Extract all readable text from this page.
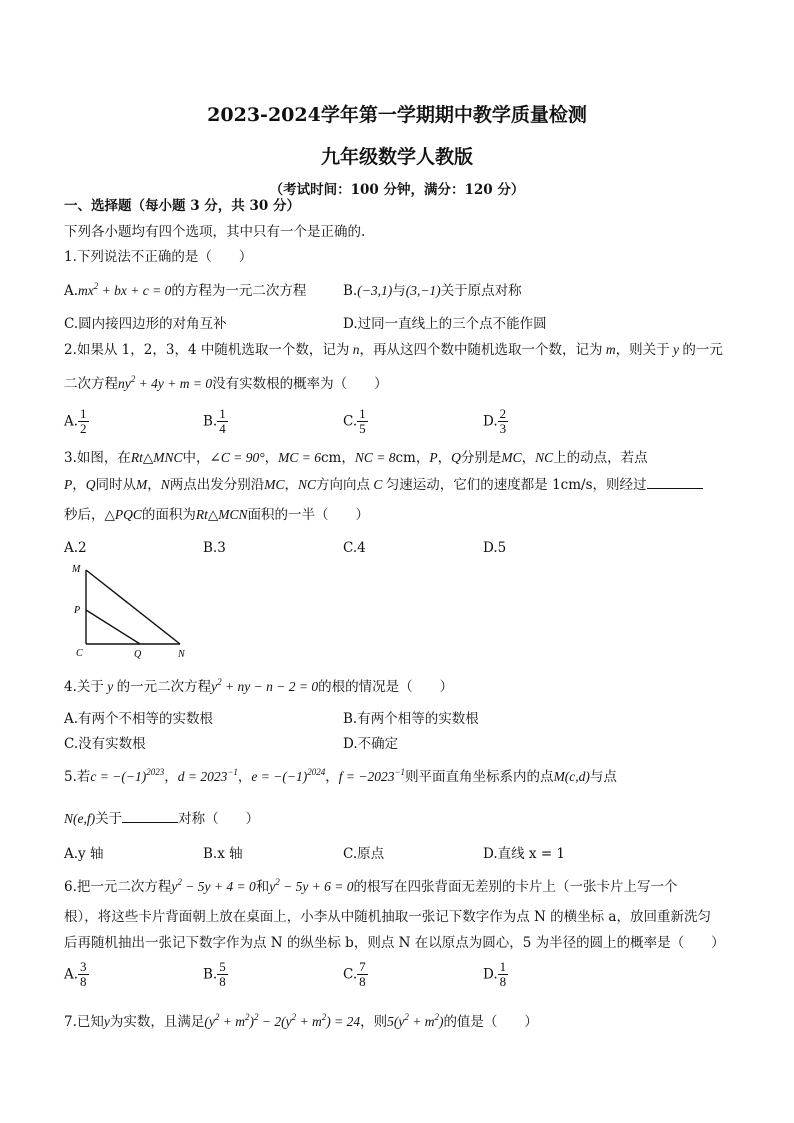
2023-2024学年第一学期期中教学质量检测
九年级数学人教版
（考试时间：100 分钟，满分：120 分）
一、选择题（每小题 3 分，共 30 分）
下列各小题均有四个选项，其中只有一个是正确的.
1.下列说法不正确的是（　　）
$A.mx^2$ + bx + c = 0的方程为一元二次方程	B.(−3,1)与(3,−1)关于原点对称
C.圆内接四边形的对角互补	D.过同一直线上的三个点不能作圆
2.如果从 1，2，3，4 中随机选取一个数，记为 n，再从这四个数中随机选取一个数，记为 m，则关于 y 的一元
二次方程$ny^2 + 4y + m = 0$没有实数根的概率为（　　）
A. $\frac{1}{2}$	B. $\frac{1}{4}$	C. $\frac{1}{5}$	D. $\frac{2}{3}$
3.如图，在Rt△MNC中，∠C = 90°，MC = 6cm，NC = 8cm，P，Q分别是MC，NC上的动点，若点
P，Q同时从M，N两点出发分别沿MC，NC方向向点 C 匀速运动，它们的速度都是 1cm/s，则经过
秒后，△PQC的面积为Rt△MCN面积的一半（　　）
A.2	B.3	C.4	D.5
M
P
C	Q	N
4.关于 y 的一元二次方程$y^2$ + ny − n − 2 = 0的根的情况是（　　）
A.有两个不相等的实数根	B.有两个相等的实数根
C.没有实数根	D.不确定
5.若$c = -(-1)^{2023}$，$d = 2023^{-1}$，$e = -(-1)^{2024}$，$f = -2023^{-1}$则平面直角坐标系内的点M(c,d)与点
N(e,f)关于	对称（　　）
A.y 轴	B.x 轴	C.原点	D.直线 x = 1
6.把一元二次方程$y^2 - 5y + 4 = 0$和$y^2 - 5y + 6 = 0$的根写在四张背面无差别的卡片上（一张卡片上写一个
根），将这些卡片背面朝上放在桌面上，小李从中随机抽取一张记下数字作为点 N 的横坐标 a，放回重新洗匀
后再随机抽出一张记下数字作为点 N 的纵坐标 b，则点 N 在以原点为圆心，5 为半径的圆上的概率是（　　）
A. $\frac{3}{8}$	B. $\frac{5}{8}$	C. $\frac{7}{8}$	D. $\frac{1}{8}$
7.已知y为实数，且满足$(y^2 + m^2)^2 - 2(y^2 + m^2) = 24$，则$5(y^2 + m^2)$的值是（　　）
